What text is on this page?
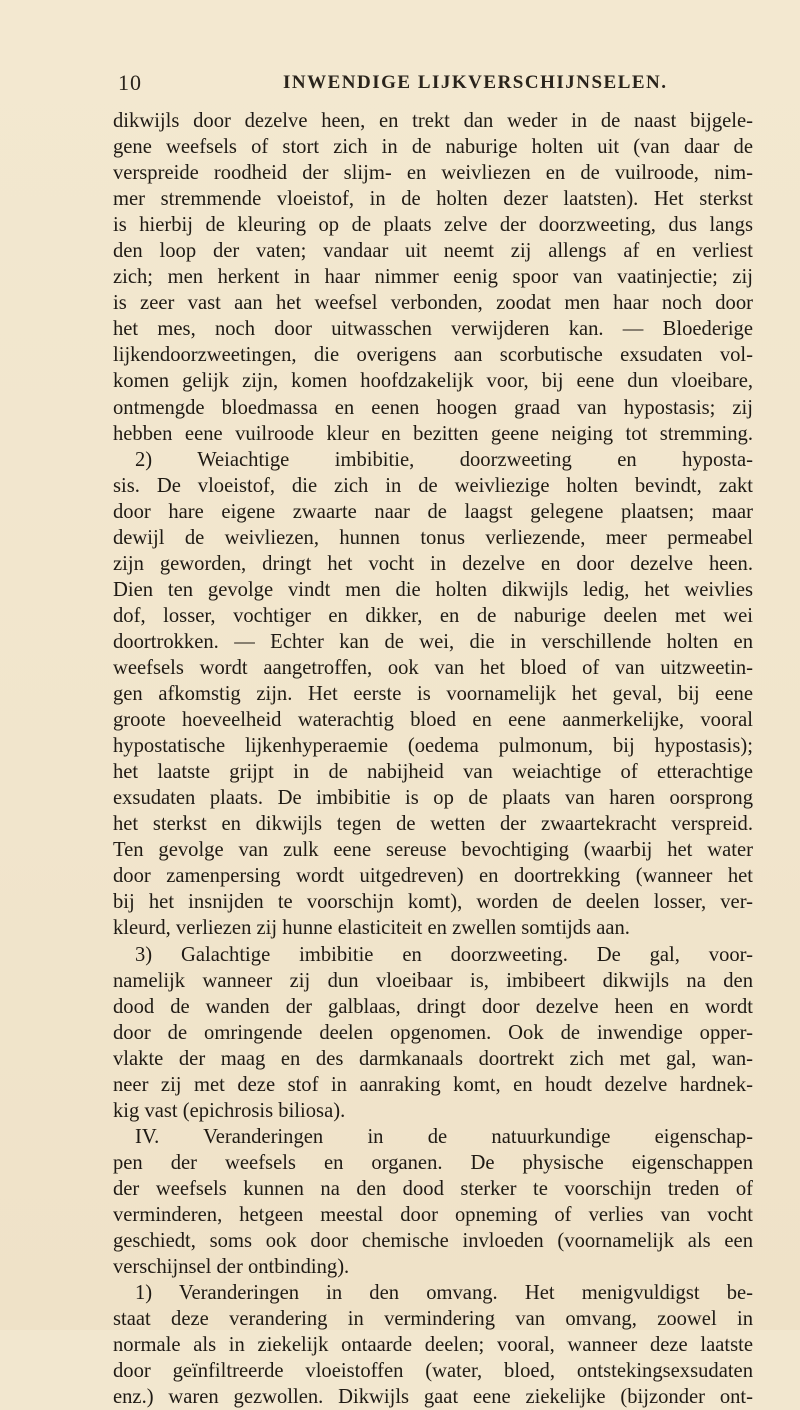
10	INWENDIGE LIJKVERSCHIJNSELEN.
dikwijls door dezelve heen, en trekt dan weder in de naast bijgele-
gene weefsels of stort zich in de naburige holten uit (van daar de
verspreide roodheid der slijm- en weivliezen en de vuilroode, nim-
mer stremmende vloeistof, in de holten dezer laatsten). Het sterkst
is hierbij de kleuring op de plaats zelve der doorzweeting, dus langs
den loop der vaten; vandaar uit neemt zij allengs af en verliest
zich; men herkent in haar nimmer eenig spoor van vaatinjectie; zij
is zeer vast aan het weefsel verbonden, zoodat men haar noch door
het mes, noch door uitwasschen verwijderen kan. — Bloederige
lijkendoorzweetingen, die overigens aan scorbutische exsudaten vol-
komen gelijk zijn, komen hoofdzakelijk voor, bij eene dun vloeibare,
ontmengde bloedmassa en eenen hoogen graad van hypostasis; zij
hebben eene vuilroode kleur en bezitten geene neiging tot stremming.
2) Weiachtige imbibitie, doorzweeting en hyposta-
sis. De vloeistof, die zich in de weivliezige holten bevindt, zakt
door hare eigene zwaarte naar de laagst gelegene plaatsen; maar
dewijl de weivliezen, hunnen tonus verliezende, meer permeabel
zijn geworden, dringt het vocht in dezelve en door dezelve heen.
Dien ten gevolge vindt men die holten dikwijls ledig, het weivlies
dof, losser, vochtiger en dikker, en de naburige deelen met wei
doortrokken. — Echter kan de wei, die in verschillende holten en
weefsels wordt aangetroffen, ook van het bloed of van uitzweetin-
gen afkomstig zijn. Het eerste is voornamelijk het geval, bij eene
groote hoeveelheid waterachtig bloed en eene aanmerkelijke, vooral
hypostatische lijkenhyperaemie (oedema pulmonum, bij hypostasis);
het laatste grijpt in de nabijheid van weiachtige of etterachtige
exsudaten plaats. De imbibitie is op de plaats van haren oorsprong
het sterkst en dikwijls tegen de wetten der zwaartekracht verspreid.
Ten gevolge van zulk eene sereuse bevochtiging (waarbij het water
door zamenpersing wordt uitgedreven) en doortrekking (wanneer het
bij het insnijden te voorschijn komt), worden de deelen losser, ver-
kleurd, verliezen zij hunne elasticiteit en zwellen somtijds aan.
3) Galachtige imbibitie en doorzweeting. De gal, voor-
namelijk wanneer zij dun vloeibaar is, imbibeert dikwijls na den
dood de wanden der galblaas, dringt door dezelve heen en wordt
door de omringende deelen opgenomen. Ook de inwendige opper-
vlakte der maag en des darmkanaals doortrekt zich met gal, wan-
neer zij met deze stof in aanraking komt, en houdt dezelve hardnek-
kig vast (epichrosis biliosa).
IV. Veranderingen in de natuurkundige eigenschap-
pen der weefsels en organen. De physische eigenschappen
der weefsels kunnen na den dood sterker te voorschijn treden of
verminderen, hetgeen meestal door opneming of verlies van vocht
geschiedt, soms ook door chemische invloeden (voornamelijk als een
verschijnsel der ontbinding).
1) Veranderingen in den omvang. Het menigvuldigst be-
staat deze verandering in vermindering van omvang, zoowel in
normale als in ziekelijk ontaarde deelen; vooral, wanneer deze laatste
door geïnfiltreerde vloeistoffen (water, bloed, ontstekingsexsudaten
enz.) waren gezwollen. Dikwijls gaat eene ziekelijke (bijzonder ont-
